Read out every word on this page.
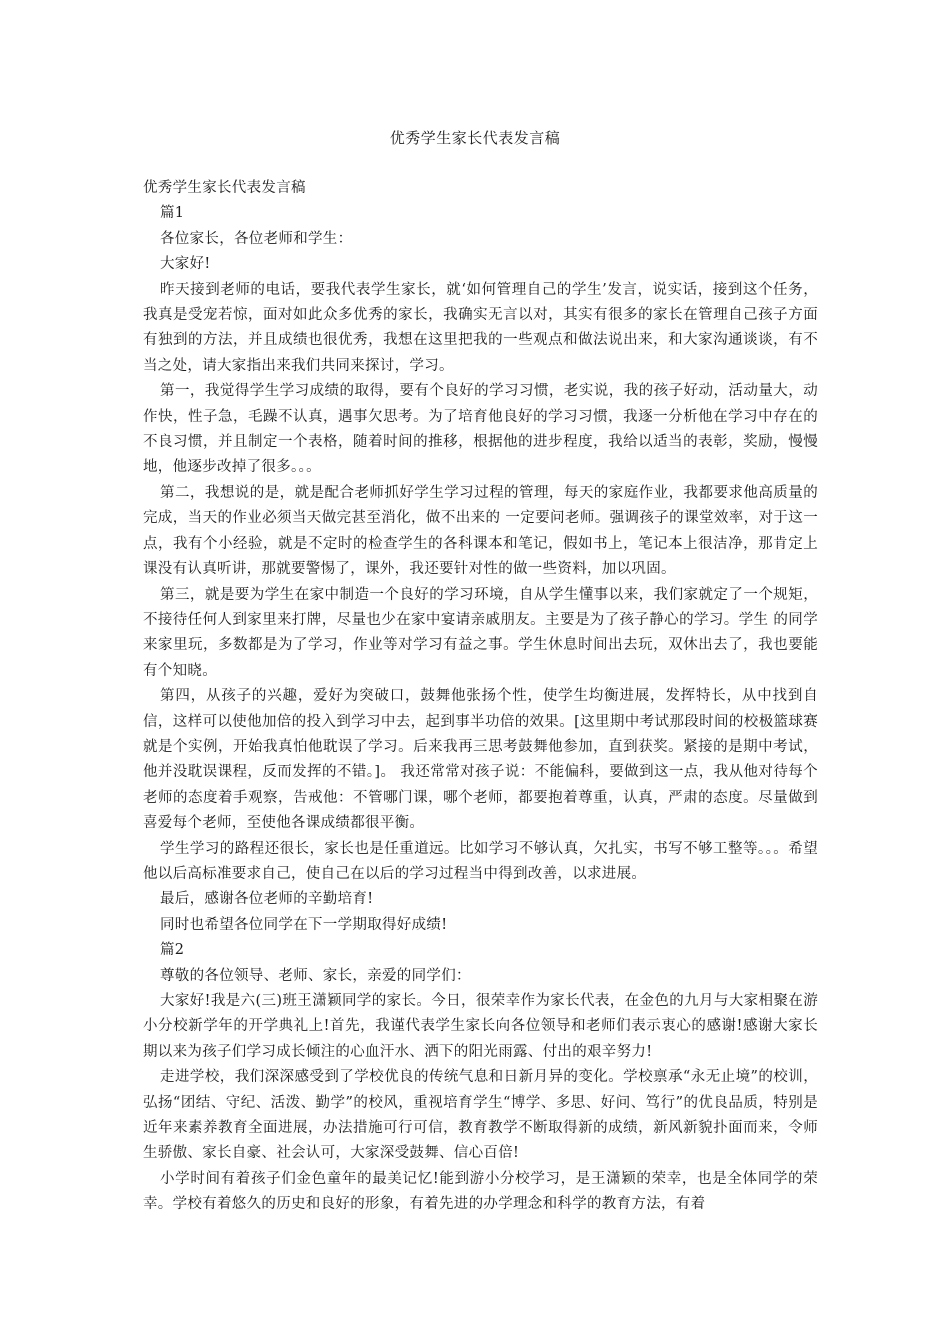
优秀学生家长代表发言稿

优秀学生家长代表发言稿

篇1

各位家长，各位老师和学生：

大家好!

昨天接到老师的电话，要我代表学生家长，就‘如何管理自己的学生’发言，说实话，接到这个任务，我真是受宠若惊，面对如此众多优秀的家长，我确实无言以对，其实有很多的家长在管理自己孩子方面有独到的方法，并且成绩也很优秀，我想在这里把我的一些观点和做法说出来，和大家沟通谈谈，有不当之处，请大家指出来我们共同来探讨，学习。

第一，我觉得学生学习成绩的取得，要有个良好的学习习惯，老实说，我的孩子好动，活动量大，动作快，性子急，毛躁不认真，遇事欠思考。为了培育他良好的学习习惯，我逐一分析他在学习中存在的不良习惯，并且制定一个表格，随着时间的推移，根据他的进步程度，我给以适当的表彰，奖励，慢慢地，他逐步改掉了很多。。。

第二，我想说的是，就是配合老师抓好学生学习过程的管理，每天的家庭作业，我都要求他高质量的完成，当天的作业必须当天做完甚至消化，做不出来的 一定要问老师。强调孩子的课堂效率，对于这一点，我有个小经验，就是不定时的检查学生的各科课本和笔记，假如书上，笔记本上很洁净，那肯定上课没有认真听讲，那就要警惕了，课外，我还要针对性的做一些资料，加以巩固。

第三，就是要为学生在家中制造一个良好的学习环境，自从学生懂事以来，我们家就定了一个规矩，不接待任何人到家里来打牌，尽量也少在家中宴请亲戚朋友。主要是为了孩子静心的学习。学生 的同学来家里玩，多数都是为了学习，作业等对学习有益之事。学生休息时间出去玩，双休出去了，我也要能有个知晓。

第四，从孩子的兴趣，爱好为突破口，鼓舞他张扬个性，使学生均衡进展，发挥特长，从中找到自信，这样可以使他加倍的投入到学习中去，起到事半功倍的效果。[这里期中考试那段时间的校极篮球赛就是个实例，开始我真怕他耽误了学习。后来我再三思考鼓舞他参加，直到获奖。紧接的是期中考试，他并没耽误课程，反而发挥的不错。]。 我还常常对孩子说：不能偏科，要做到这一点，我从他对待每个老师的态度着手观察，告戒他：不管哪门课，哪个老师，都要抱着尊重，认真，严肃的态度。尽量做到喜爱每个老师，至使他各课成绩都很平衡。

学生学习的路程还很长，家长也是任重道远。比如学习不够认真，欠扎实，书写不够工整等。。。希望他以后高标准要求自己，使自己在以后的学习过程当中得到改善，以求进展。

最后，感谢各位老师的辛勤培育!

同时也希望各位同学在下一学期取得好成绩!

篇2

尊敬的各位领导、老师、家长，亲爱的同学们：

大家好!我是六(三)班王潇颖同学的家长。今日，很荣幸作为家长代表，在金色的九月与大家相聚在游小分校新学年的开学典礼上!首先，我谨代表学生家长向各位领导和老师们表示衷心的感谢!感谢大家长期以来为孩子们学习成长倾注的心血汗水、洒下的阳光雨露、付出的艰辛努力!

走进学校，我们深深感受到了学校优良的传统气息和日新月异的变化。学校禀承“永无止境”的校训，弘扬“团结、守纪、活泼、勤学”的校风，重视培育学生“博学、多思、好问、笃行”的优良品质，特别是近年来素养教育全面进展，办法措施可行可信，教育教学不断取得新的成绩，新风新貌扑面而来，令师生骄傲、家长自豪、社会认可，大家深受鼓舞、信心百倍!

小学时间有着孩子们金色童年的最美记忆!能到游小分校学习，是王潇颖的荣幸，也是全体同学的荣幸。学校有着悠久的历史和良好的形象，有着先进的办学理念和科学的教育方法，有着
